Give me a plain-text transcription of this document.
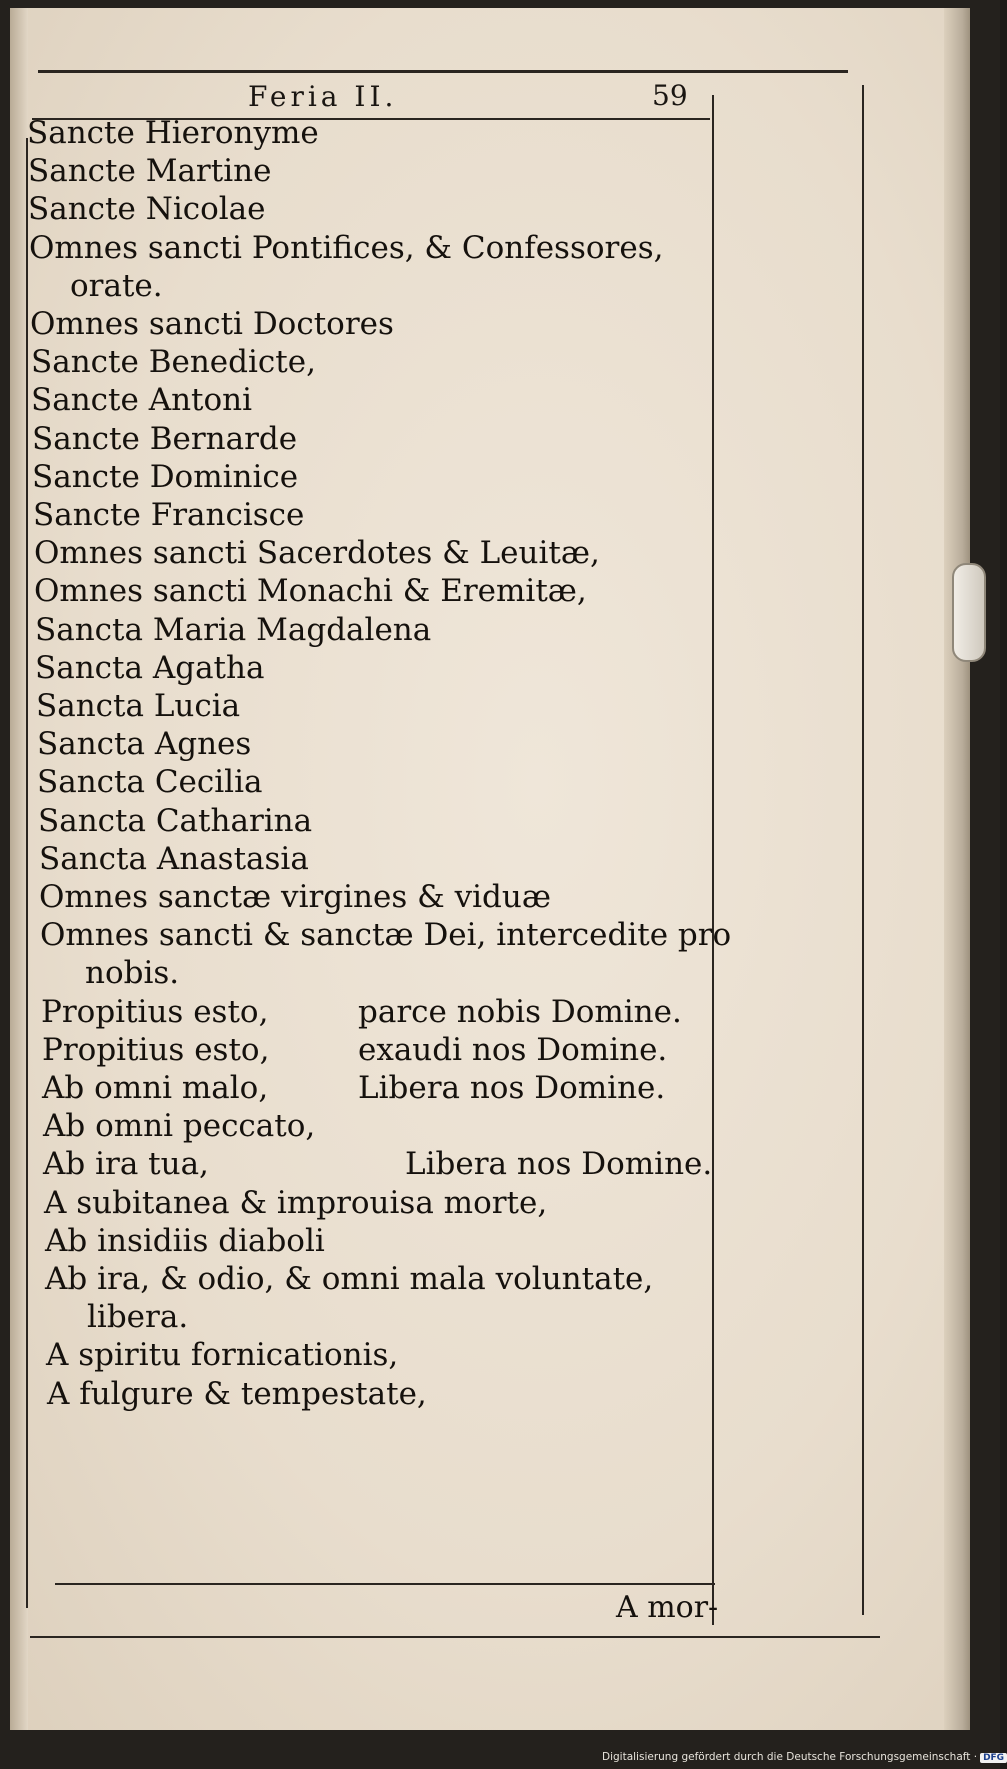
Feria II.	59
Sancte Hieronyme
Sancte Martine
Sancte Nicolae
Omnes sancti Pontifices, & Confessores,
orate.
Omnes sancti Doctores
Sancte Benedicte,
Sancte Antoni
Sancte Bernarde
Sancte Dominice
Sancte Francisce
Omnes sancti Sacerdotes & Leuitæ,
Omnes sancti Monachi & Eremitæ,
Sancta Maria Magdalena
Sancta Agatha
Sancta Lucia
Sancta Agnes
Sancta Cecilia
Sancta Catharina
Sancta Anastasia
Omnes sanctæ virgines & viduæ
Omnes sancti & sanctæ Dei, intercedite pro
nobis.
Propitius esto,	parce nobis Domine.
Propitius esto,	exaudi nos Domine.
Ab omni malo,	Libera nos Domine.
Ab omni peccato,
Ab ira tua,	Libera nos Domine.
A subitanea & improuisa morte,
Ab insidiis diaboli
Ab ira, & odio, & omni mala voluntate,
libera.
A spiritu fornicationis,
A fulgure & tempestate,
A mor-
Digitalisierung gefördert durch die Deutsche Forschungsgemeinschaft · DFG
